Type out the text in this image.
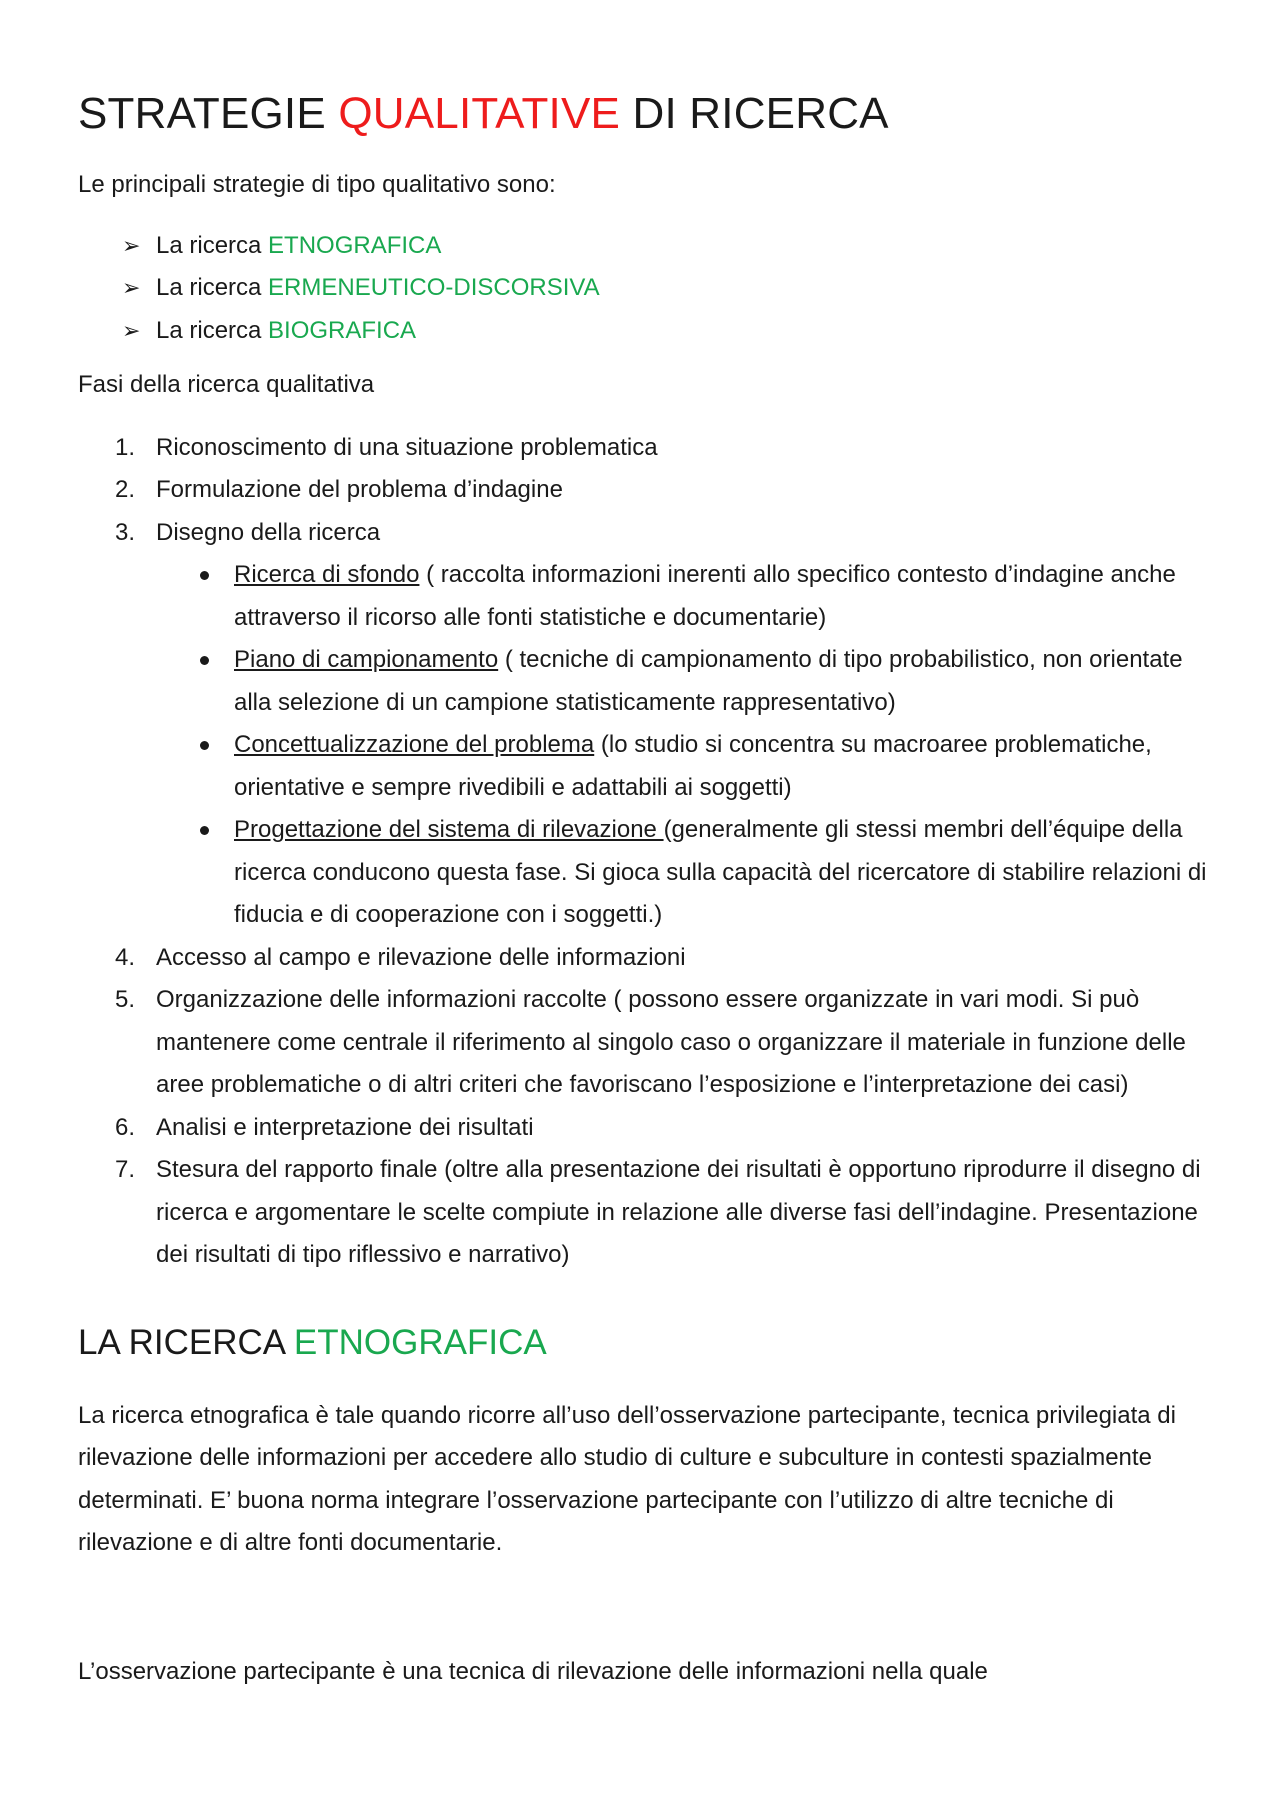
STRATEGIE QUALITATIVE DI RICERCA

Le principali strategie di tipo qualitativo sono:

➢ La ricerca ETNOGRAFICA
➢ La ricerca ERMENEUTICO-DISCORSIVA
➢ La ricerca BIOGRAFICA

Fasi della ricerca qualitativa

1. Riconoscimento di una situazione problematica
2. Formulazione del problema d’indagine
3. Disegno della ricerca
Ricerca di sfondo ( raccolta informazioni inerenti allo specifico contesto d’indagine anche attraverso il ricorso alle fonti statistiche e documentarie)
Piano di campionamento ( tecniche di campionamento di tipo probabilistico, non orientate alla selezione di un campione statisticamente rappresentativo)
Concettualizzazione del problema (lo studio si concentra su macroaree problematiche, orientative e sempre rivedibili e adattabili ai soggetti)
Progettazione del sistema di rilevazione (generalmente gli stessi membri dell’équipe della ricerca conducono questa fase. Si gioca sulla capacità del ricercatore di stabilire relazioni di fiducia e di cooperazione con i soggetti.)
4. Accesso al campo e rilevazione delle informazioni
5. Organizzazione delle informazioni raccolte ( possono essere organizzate in vari modi. Si può mantenere come centrale il riferimento al singolo caso o organizzare il materiale in funzione delle aree problematiche o di altri criteri che favoriscano l’esposizione e l’interpretazione dei casi)
6. Analisi e interpretazione dei risultati
7. Stesura del rapporto finale (oltre alla presentazione dei risultati è opportuno riprodurre il disegno di ricerca e argomentare le scelte compiute in relazione alle diverse fasi dell’indagine. Presentazione dei risultati di tipo riflessivo e narrativo)
LA RICERCA ETNOGRAFICA

La ricerca etnografica è tale quando ricorre all’uso dell’osservazione partecipante, tecnica privilegiata di rilevazione delle informazioni per accedere allo studio di culture e subculture in contesti spazialmente determinati. E’ buona norma integrare l’osservazione partecipante con l’utilizzo di altre tecniche di rilevazione e di altre fonti documentarie.

L’osservazione partecipante è una tecnica di rilevazione delle informazioni nella quale
